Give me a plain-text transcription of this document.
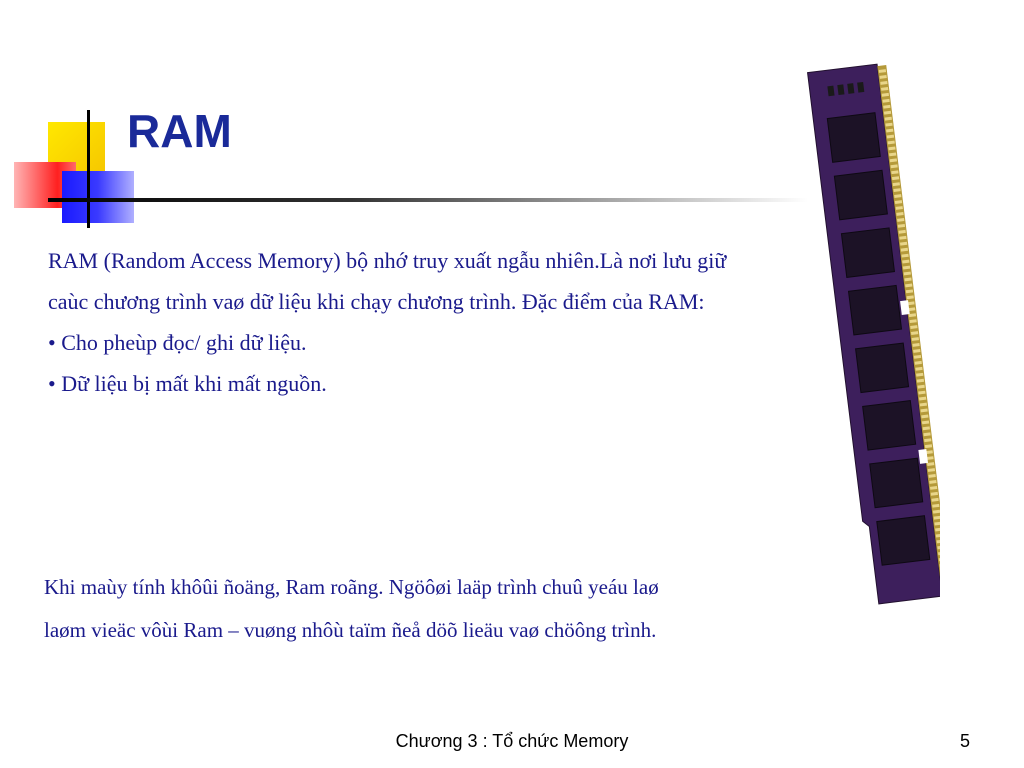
RAM

RAM (Random Access Memory) bộ nhớ truy xuất ngẫu nhiên.Là nơi lưu giữ

caùc chương trình vaø dữ liệu khi chạy chương trình. Đặc điểm của RAM:

• Cho pheùp đọc/ ghi dữ liệu.

• Dữ liệu bị mất khi mất nguồn.

Khi maùy tính khôûi ñoäng, Ram roãng. Ngöôøi laäp trình chuû yeáu laø

laøm vieäc vôùi Ram – vuøng nhôù taïm ñeå döõ lieäu vaø chöông trình.

Chương 3 : Tổ chức Memory	5
